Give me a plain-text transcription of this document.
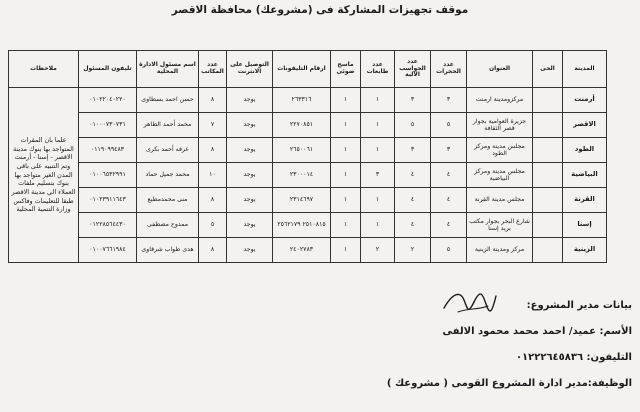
موقف تجهيزات المشاركة فى (مشروعك) محافظة الاقصر
المدينة	الحى	العنوان	عدد الحجرات	عدد الحواسب الالية	عدد طابعات	ماسح ضوئى	ارقام التليفونات	التوصيل على الانترنت	عدد المكاتب	اسم مسئول الادارة المحلية	تليفون المسئول	ملاحظات
أرمنت		مركزومدينة ارمنت	٣	٣	١	١	٢٦٣٣١٦	يوجد	٨	حسن احمد بسطاوى	٠١٠٢٢٠٤٠٢٢٠	علما بان المقرات المتواجد بها بنوك مدينة الاقصر - إسنا - أرمنت وتم التنبيه على باقى المدن الغير متواجد بها بنوك بتسليم ملفات العملاء الى مدينة الاقصر طبقا للتعليمات وفاكس وزارة التنمية المحلية
الاقصر		جزيرة العوامية بجوار قصر الثقافة	٥	٥	١	١	٢٢٧٠٨٥١	يوجد	٧	محمد أحمد الطاهر	٠١٠٠٠٧٣٠٧٣١	
الطود		مجلس مدينة ومركز الطود	٣	٣	١	١	٢٦٥٠٠٦١	يوجد	٨	عرفه أحمد بكرى	٠١١٩٠٩٩٤٨٣	
البياضية		مجلس مدينة ومركز البياضية	٤	٤	٣	١	٢٣٠٠٠١٤	يوجد	١٠	محمد جميل حماد	٠١٠٠٦٥٣٢٩٩١	
القرنة		مجلس مدينة القرنة	٤	٤	١	١	٢٣١٤٦٩٧	يوجد	٨	منى محمدمطيع	٠١٠٢٣٩١١٦٤٣	
إسنا		شارع البحر بجوار مكتب بريد إسنا	٤	٤	١	١	٢٥١٠٨١٥ ٢٥٦٢١٧٩	يوجد	٥	ممدوح مصطفى	٠١٢٢٨٥٦٤٤٣٠	
الزينية		مركز ومدينة الزينية	٥	٢	٢	١	٢٤٠٢٧٨٣	يوجد	٨	هدى طواب شرقاوى	٠١٠٠٧٦٦١٩٨٤	
بيانات مدير المشروع:
الأسم: عميد/ احمد محمد محمود الالفى
التليفون: ٠١٢٢٢٦٤٥٨٣٦
الوظيفة:مدير ادارة المشروع القومى ( مشروعك )
